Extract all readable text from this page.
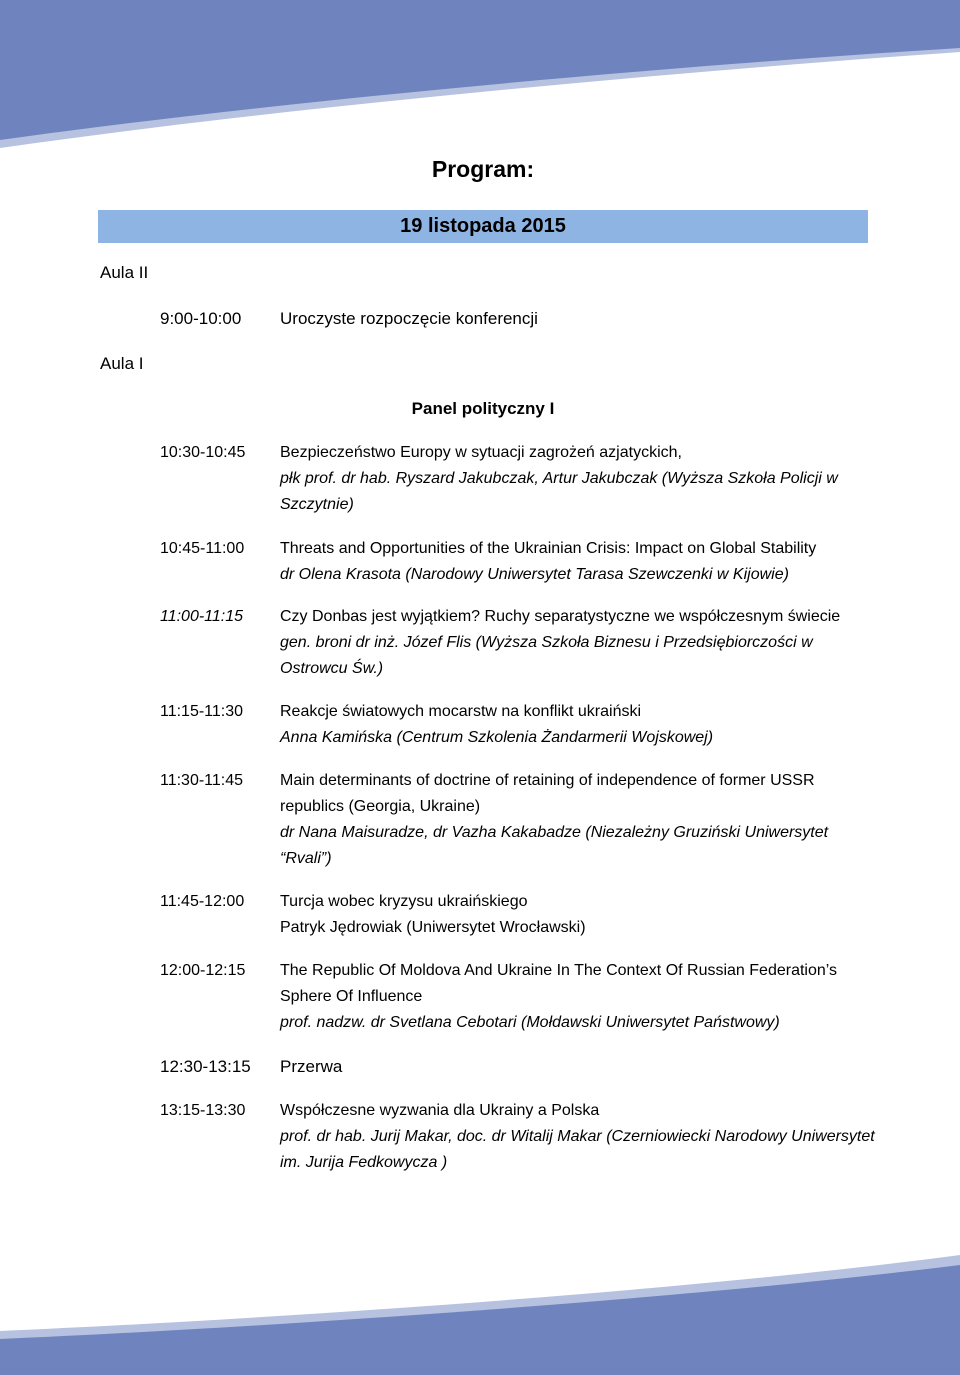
Program:
19 listopada 2015
Aula II
9:00-10:00	Uroczyste rozpoczęcie konferencji
Aula I
Panel polityczny I
10:30-10:45	Bezpieczeństwo Europy w sytuacji zagrożeń azjatyckich,

płk prof. dr hab. Ryszard Jakubczak, Artur Jakubczak (Wyższa Szkoła Policji w Szczytnie)

10:45-11:00	Threats and Opportunities of the Ukrainian Crisis: Impact on Global Stability

dr Olena Krasota (Narodowy Uniwersytet Tarasa Szewczenki w Kijowie)

11:00-11:15	Czy Donbas jest wyjątkiem? Ruchy separatystyczne we współczesnym świecie

gen. broni dr inż. Józef Flis (Wyższa Szkoła Biznesu i Przedsiębiorczości w Ostrowcu Św.)

11:15-11:30	Reakcje światowych mocarstw na konflikt ukraiński

Anna Kamińska (Centrum Szkolenia Żandarmerii Wojskowej)

11:30-11:45	Main determinants of doctrine of retaining of independence of former USSR republics (Georgia, Ukraine)

dr Nana Maisuradze, dr Vazha Kakabadze (Niezależny Gruziński Uniwersytet “Rvali”)

11:45-12:00	Turcja wobec kryzysu ukraińskiego

Patryk Jędrowiak (Uniwersytet Wrocławski)

12:00-12:15	The Republic Of Moldova And Ukraine In The Context Of Russian Federation’s Sphere Of Influence

prof. nadzw. dr Svetlana Cebotari (Mołdawski Uniwersytet Państwowy)

12:30-13:15	Przerwa
13:15-13:30	Współczesne wyzwania dla Ukrainy a Polska

prof. dr hab. Jurij Makar, doc. dr Witalij Makar (Czerniowiecki Narodowy Uniwersytet im. Jurija Fedkowycza )
